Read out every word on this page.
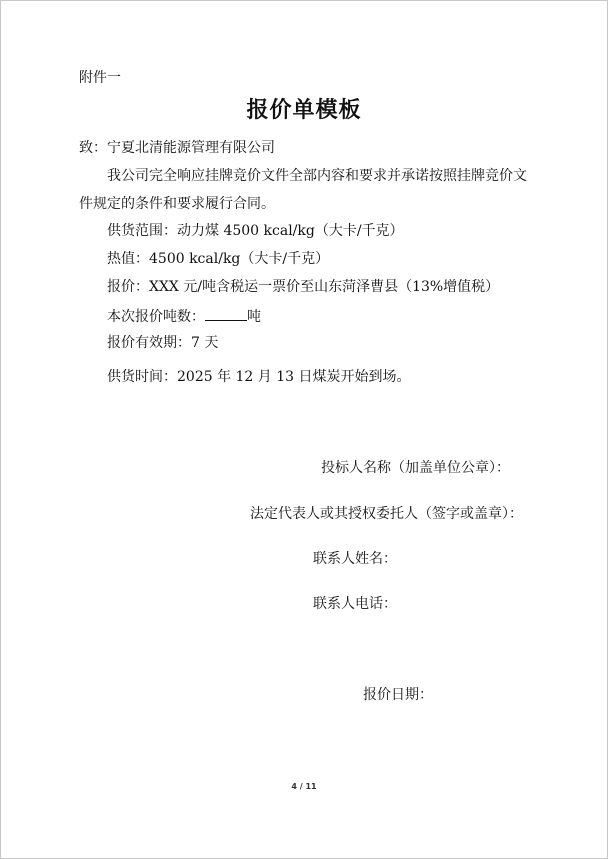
附件一
报价单模板
致：宁夏北清能源管理有限公司
我公司完全响应挂牌竞价文件全部内容和要求并承诺按照挂牌竞价文
件规定的条件和要求履行合同。
供货范围：动力煤 4500 kcal/kg（大卡/千克）
热值：4500 kcal/kg（大卡/千克）
报价：XXX 元/吨含税运一票价至山东菏泽曹县（13%增值税）
本次报价吨数：	吨
报价有效期：7 天
供货时间：2025 年 12 月 13 日煤炭开始到场。
投标人名称（加盖单位公章）：
法定代表人或其授权委托人（签字或盖章）：
联系人姓名：
联系人电话：
报价日期：
4 / 11
